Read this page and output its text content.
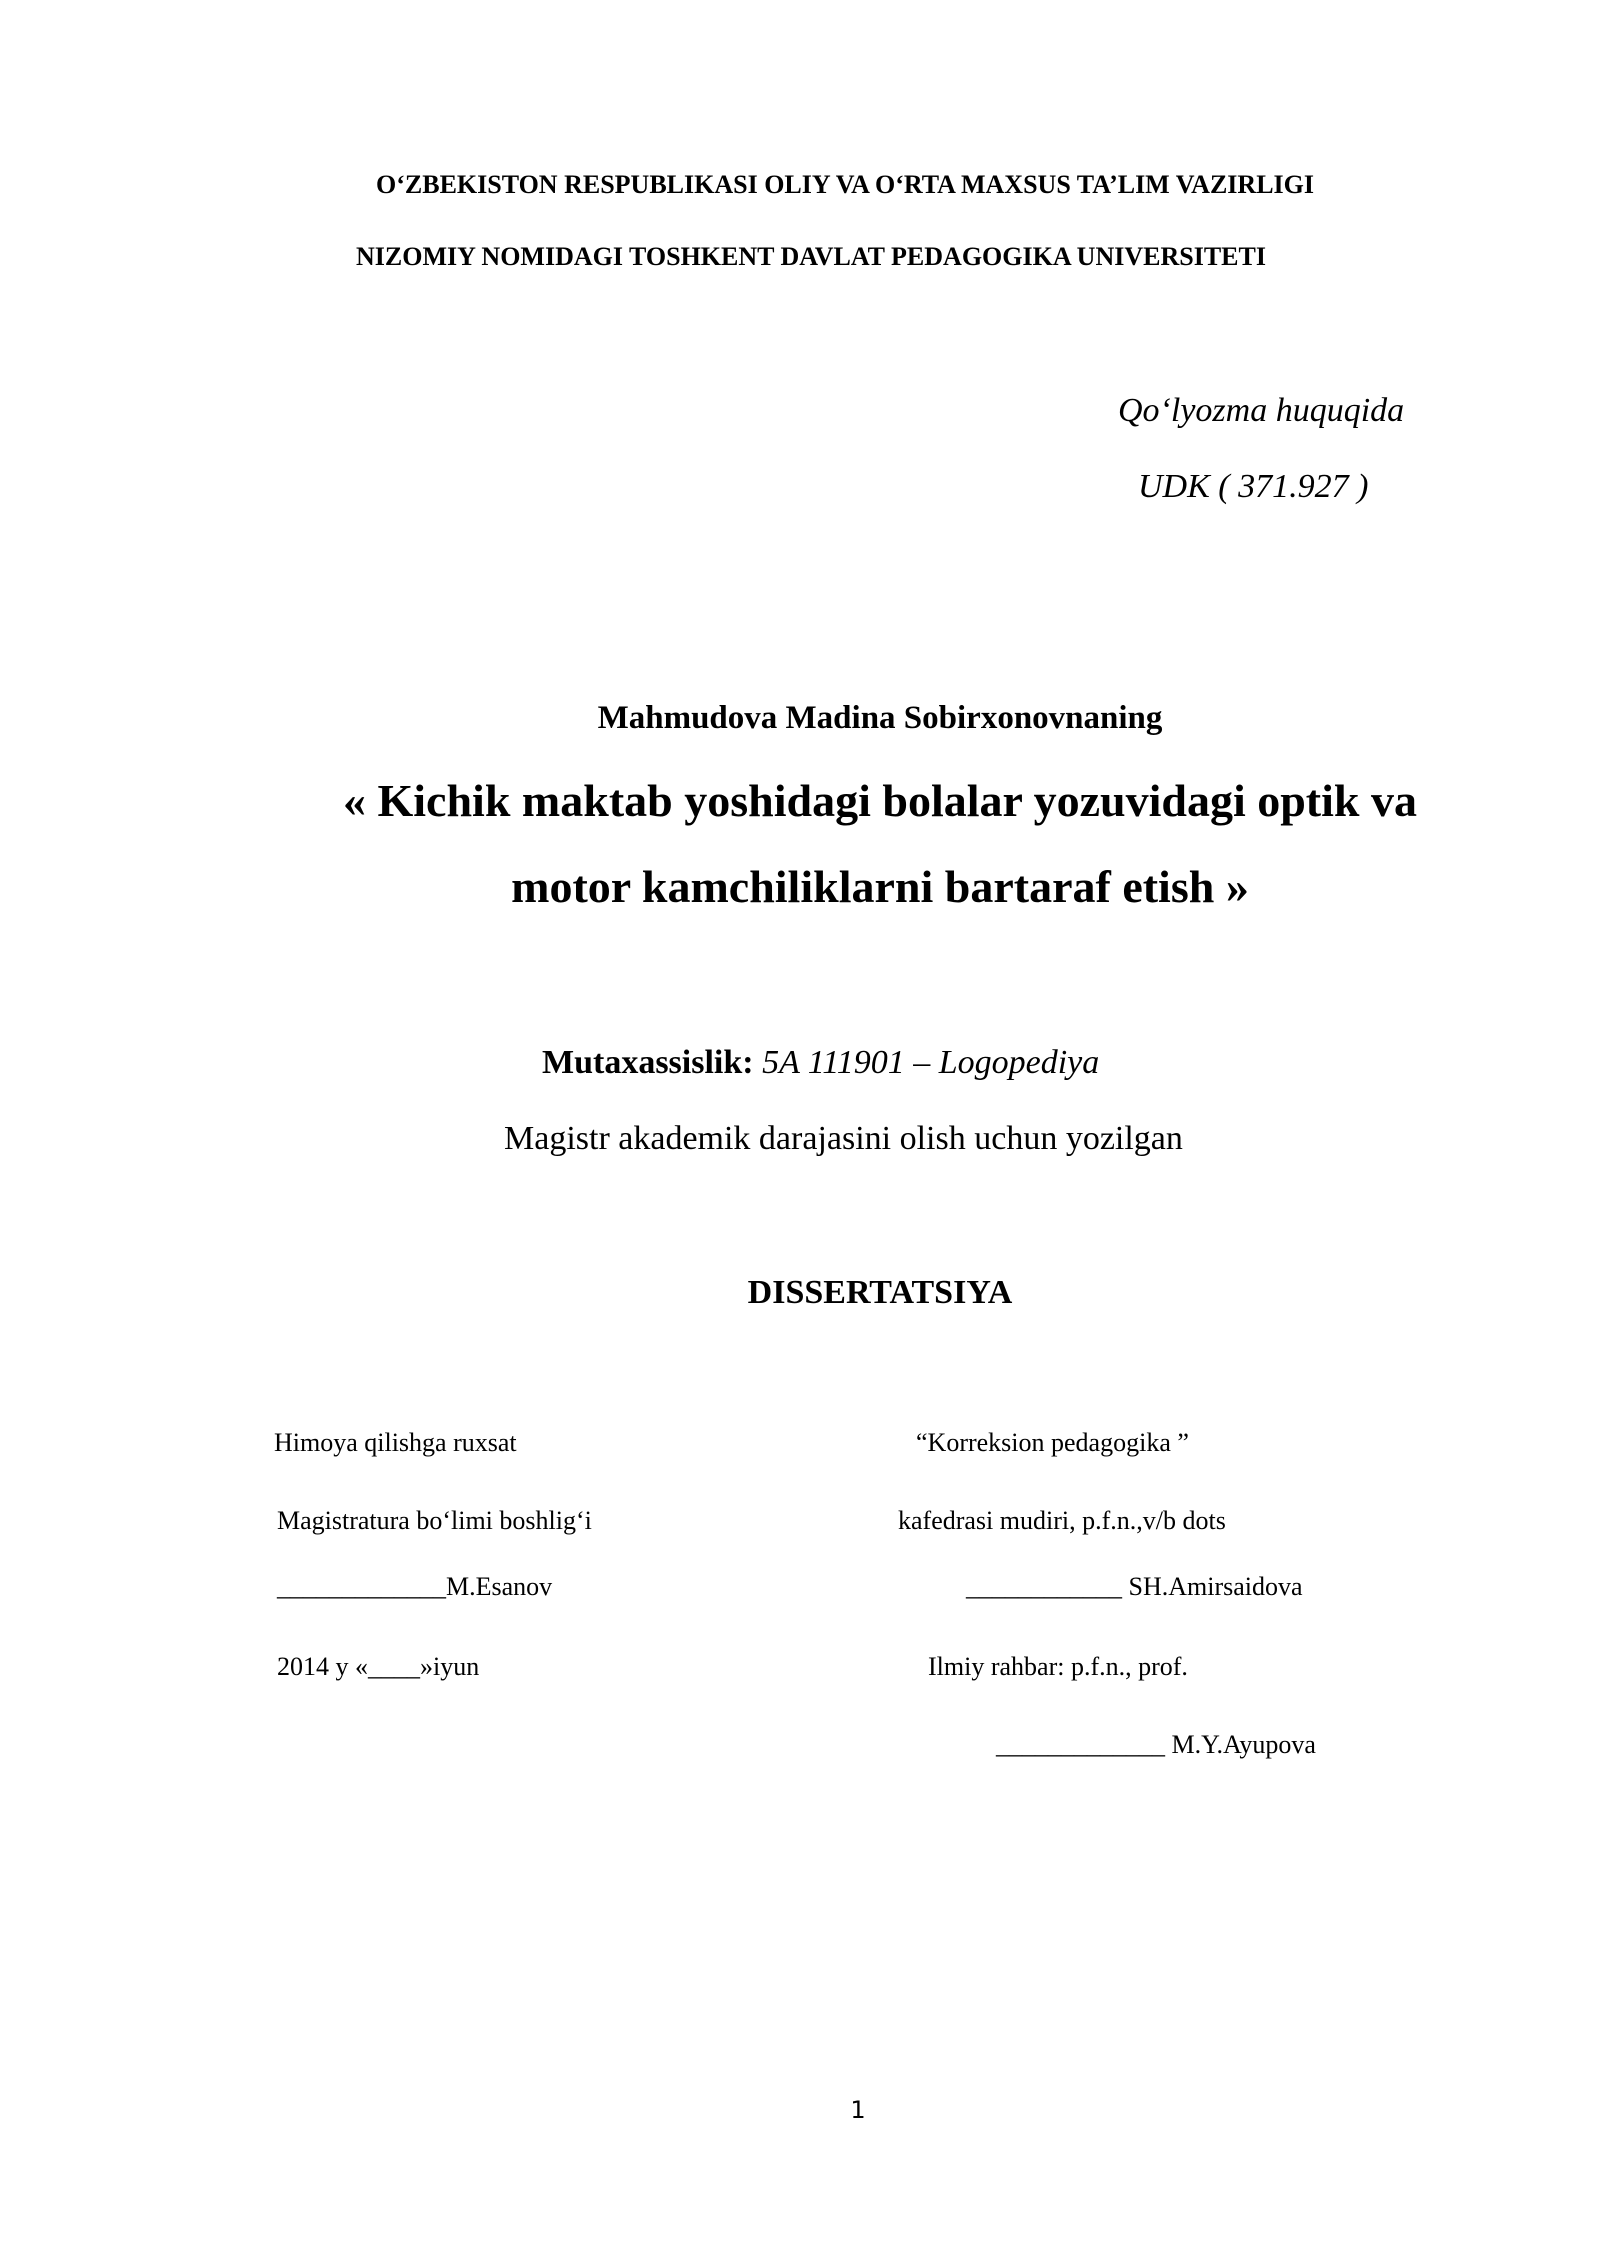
O‘ZBEKISTON RESPUBLIKASI OLIY VA O‘RTA MAXSUS TA’LIM VAZIRLIGI
NIZOMIY NOMIDAGI TOSHKENT DAVLAT PEDAGOGIKA UNIVERSITETI
Qo‘lyozma huquqida
UDK ( 371.927 )
Mahmudova Madina Sobirxonovnaning
« Kichik maktab yoshidagi bolalar yozuvidagi optik va
motor kamchiliklarni bartaraf etish »
Mutaxassislik: 5A 111901 – Logopediya
Magistr akademik darajasini olish uchun yozilgan
DISSERTATSIYA
Himoya qilishga ruxsat
Magistratura bo‘limi boshlig‘i
_____________M.Esanov
2014 y «____»iyun
“Korreksion pedagogika ”
kafedrasi mudiri, p.f.n.,v/b dots
____________ SH.Amirsaidova
Ilmiy rahbar: p.f.n., prof.
_____________ M.Y.Ayupova
1
